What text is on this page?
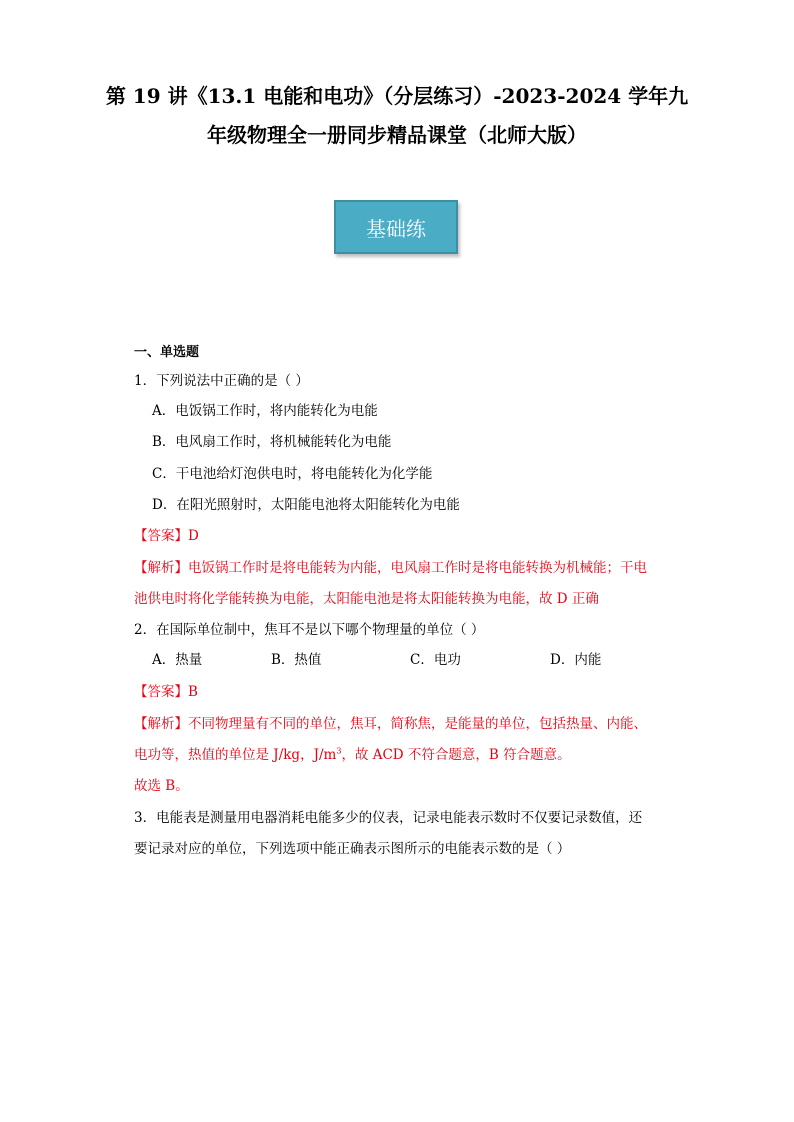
第 19 讲《13.1 电能和电功》（分层练习）-2023-2024 学年九
年级物理全一册同步精品课堂（北师大版）
基础练
一、单选题
1．下列说法中正确的是（ ）
A．电饭锅工作时，将内能转化为电能
B．电风扇工作时，将机械能转化为电能
C．干电池给灯泡供电时，将电能转化为化学能
D．在阳光照射时，太阳能电池将太阳能转化为电能
【答案】D
【解析】电饭锅工作时是将电能转为内能，电风扇工作时是将电能转换为机械能；干电
池供电时将化学能转换为电能，太阳能电池是将太阳能转换为电能，故 D 正确
2．在国际单位制中，焦耳不是以下哪个物理量的单位（ ）
A．热量	B．热值	C．电功	D．内能
【答案】B
【解析】不同物理量有不同的单位，焦耳，简称焦，是能量的单位，包括热量、内能、
电功等，热值的单位是 J/kg，$J/m^3$，故 ACD 不符合题意，B 符合题意。
故选 B。
3．电能表是测量用电器消耗电能多少的仪表，记录电能表示数时不仅要记录数值，还
要记录对应的单位，下列选项中能正确表示图所示的电能表示数的是（ ）
